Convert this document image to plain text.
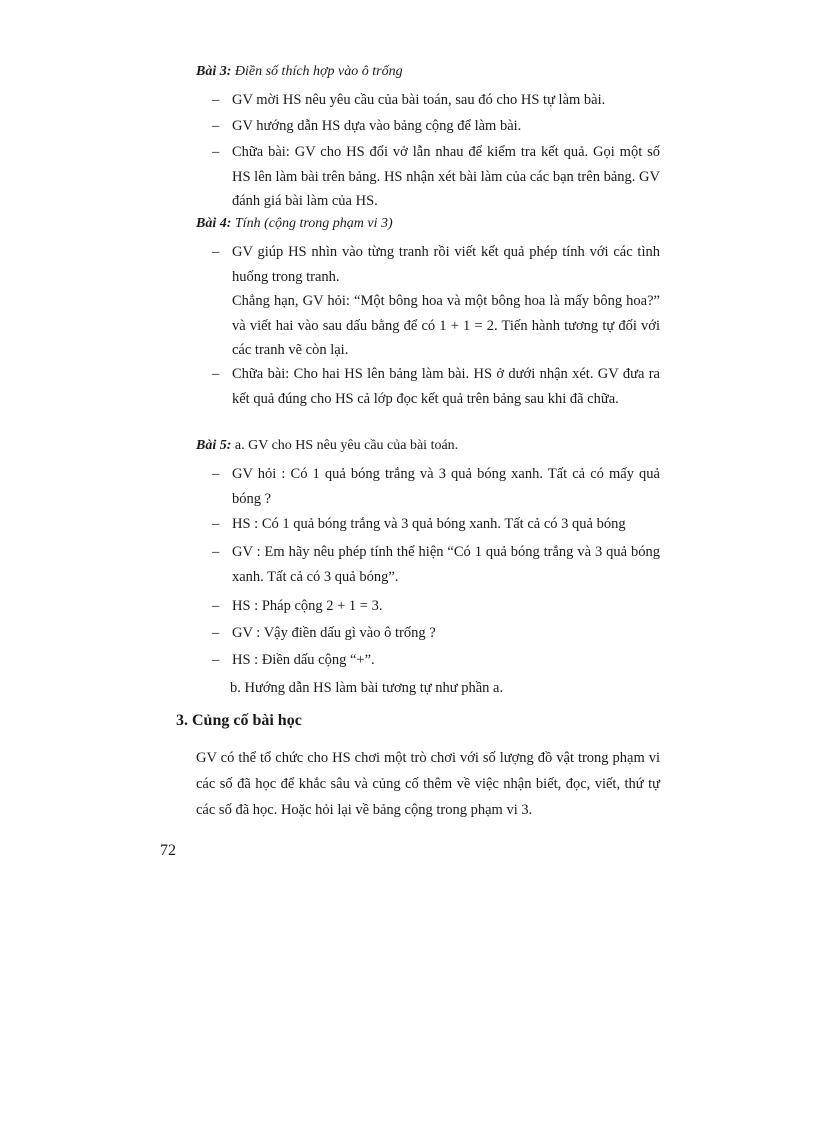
Bài 3: Điền số thích hợp vào ô trống
– GV mời HS nêu yêu cầu của bài toán, sau đó cho HS tự làm bài.
– GV hướng dẫn HS dựa vào bảng cộng để làm bài.
– Chữa bài: GV cho HS đổi vở lẫn nhau để kiểm tra kết quả. Gọi một số HS lên làm bài trên bảng. HS nhận xét bài làm của các bạn trên bảng. GV đánh giá bài làm của HS.
Bài 4: Tính (cộng trong phạm vi 3)
– GV giúp HS nhìn vào từng tranh rồi viết kết quả phép tính với các tình huống trong tranh.
Chẳng hạn, GV hỏi: “Một bông hoa và một bông hoa là mấy bông hoa?” và viết hai vào sau dấu bằng để có 1 + 1 = 2. Tiến hành tương tự đối với các tranh vẽ còn lại.
– Chữa bài: Cho hai HS lên bảng làm bài. HS ở dưới nhận xét. GV đưa ra kết quả đúng cho HS cả lớp đọc kết quả trên bảng sau khi đã chữa.
Bài 5: a. GV cho HS nêu yêu cầu của bài toán.
– GV hỏi : Có 1 quả bóng trắng và 3 quả bóng xanh. Tất cả có mấy quả bóng ?
– HS : Có 1 quả bóng trắng và 3 quả bóng xanh. Tất cả có 3 quả bóng
– GV : Em hãy nêu phép tính thể hiện “Có 1 quả bóng trắng và 3 quả bóng xanh. Tất cả có 3 quả bóng”.
– HS : Pháp cộng 2 + 1 = 3.
– GV : Vậy điền dấu gì vào ô trống ?
– HS : Điền dấu cộng “+”.
b. Hướng dẫn HS làm bài tương tự như phần a.
3. Củng cố bài học
GV có thể tổ chức cho HS chơi một trò chơi với số lượng đồ vật trong phạm vi các số đã học để khắc sâu và củng cố thêm về việc nhận biết, đọc, viết, thứ tự các số đã học. Hoặc hỏi lại về bảng cộng trong phạm vi 3.
72
